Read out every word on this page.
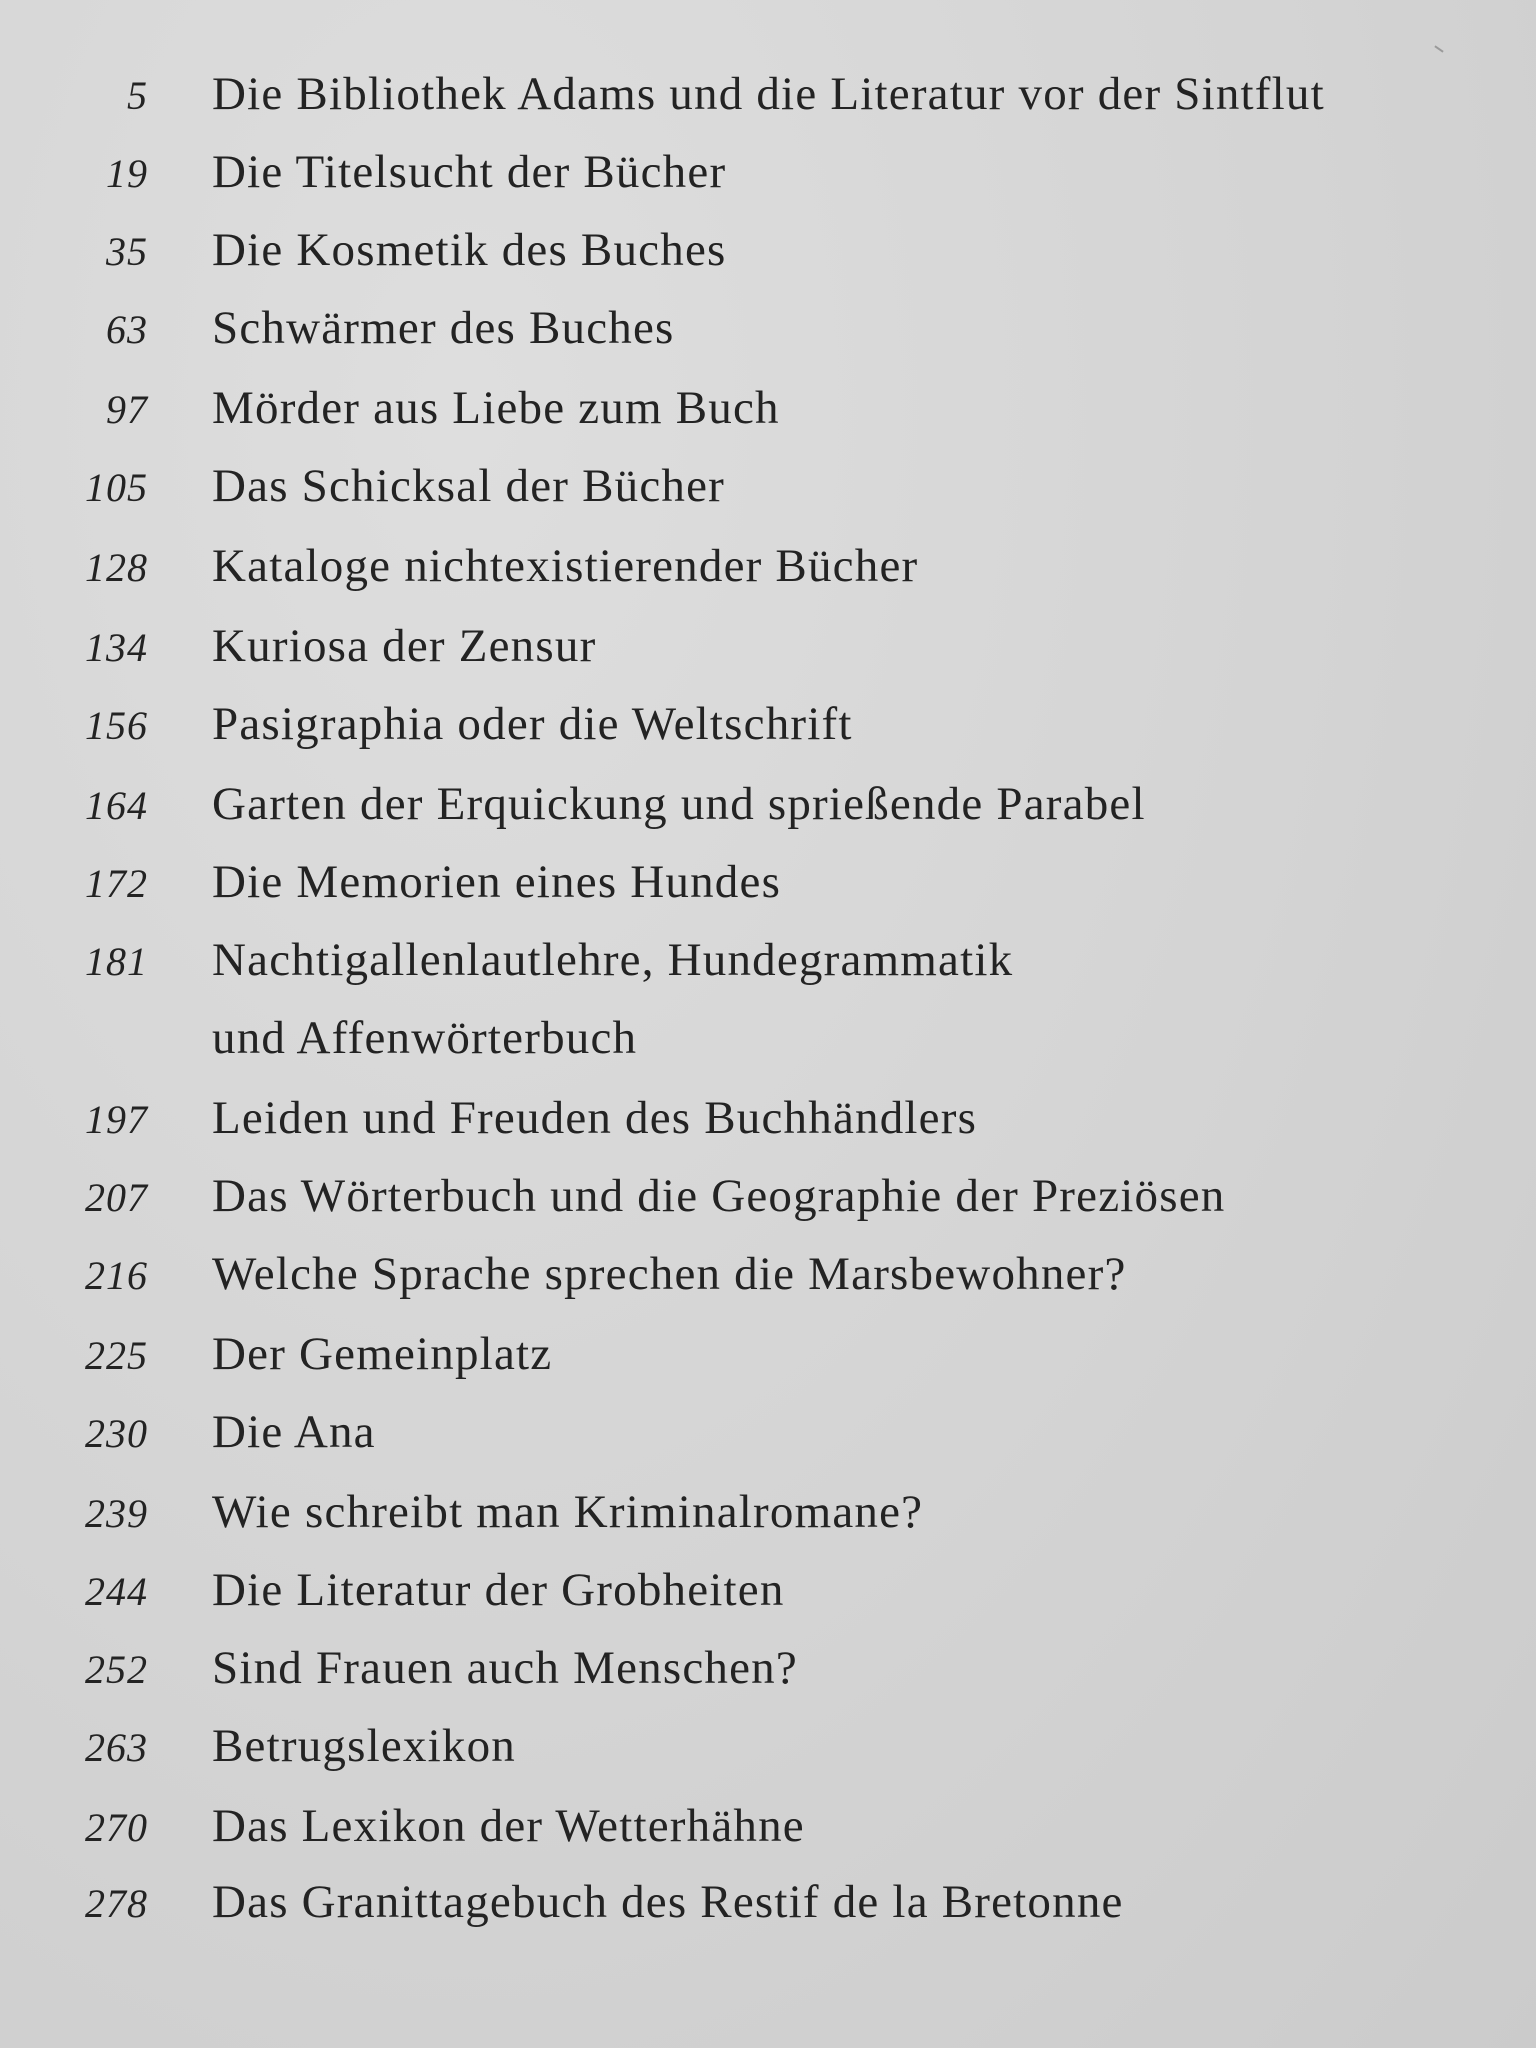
5 Die Bibliothek Adams und die Literatur vor der Sintflut
19 Die Titelsucht der Bücher
35 Die Kosmetik des Buches
63 Schwärmer des Buches
97 Mörder aus Liebe zum Buch
105 Das Schicksal der Bücher
128 Kataloge nichtexistierender Bücher
134 Kuriosa der Zensur
156 Pasigraphia oder die Weltschrift
164 Garten der Erquickung und sprießende Parabel
172 Die Memorien eines Hundes
181 Nachtigallenlautlehre, Hundegrammatik
und Affenwörterbuch
197 Leiden und Freuden des Buchhändlers
207 Das Wörterbuch und die Geographie der Preziösen
216 Welche Sprache sprechen die Marsbewohner?
225 Der Gemeinplatz
230 Die Ana
239 Wie schreibt man Kriminalromane?
244 Die Literatur der Grobheiten
252 Sind Frauen auch Menschen?
263 Betrugslexikon
270 Das Lexikon der Wetterhähne
278 Das Granittagebuch des Restif de la Bretonne
